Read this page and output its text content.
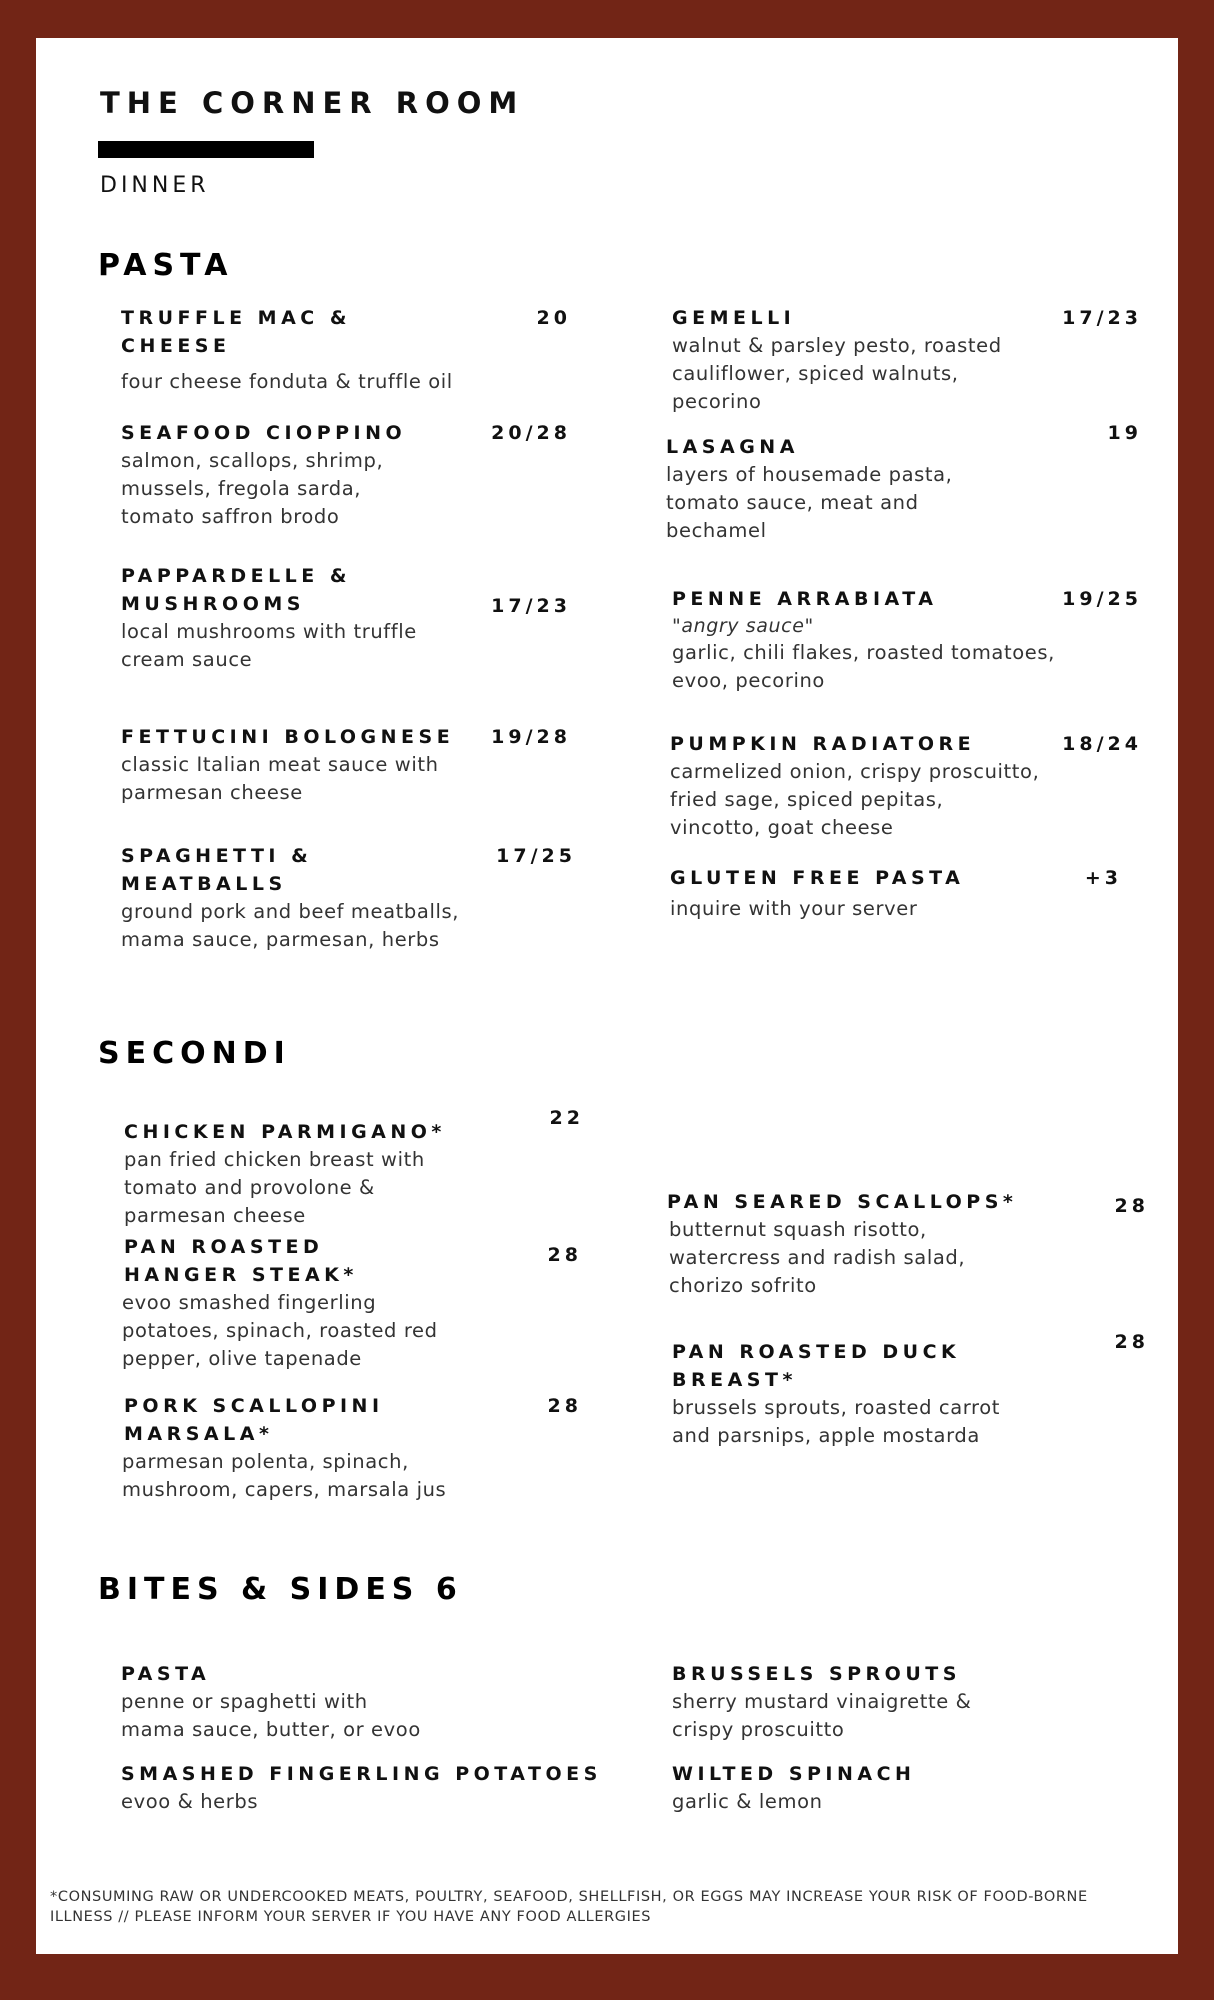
THE CORNER ROOM
DINNER
PASTA
TRUFFLE MAC & CHEESE
20
four cheese fonduta & truffle oil
SEAFOOD CIOPPINO	20/28
salmon, scallops, shrimp, mussels, fregola sarda, tomato saffron brodo
PAPPARDELLE & MUSHROOMS	17/23
local mushrooms with truffle cream sauce
FETTUCINI BOLOGNESE	19/28
classic Italian meat sauce with parmesan cheese
SPAGHETTI & MEATBALLS
17/25
ground pork and beef meatballs, mama sauce, parmesan, herbs
GEMELLI	17/23
walnut & parsley pesto, roasted cauliflower, spiced walnuts, pecorino
LASAGNA
19
layers of housemade pasta, tomato sauce, meat and bechamel
PENNE ARRABIATA	19/25
"angry sauce"
garlic, chili flakes, roasted tomatoes, evoo, pecorino
PUMPKIN RADIATORE	18/24
carmelized onion, crispy proscuitto, fried sage, spiced pepitas, vincotto, goat cheese
GLUTEN FREE PASTA	+3
inquire with your server
SECONDI
CHICKEN PARMIGANO*
22
pan fried chicken breast with tomato and provolone & parmesan cheese
PAN ROASTED HANGER STEAK*
28
evoo smashed fingerling potatoes, spinach, roasted red pepper, olive tapenade
PORK SCALLOPINI MARSALA*
28
parmesan polenta, spinach, mushroom, capers, marsala jus
PAN SEARED SCALLOPS*	28
butternut squash risotto, watercress and radish salad, chorizo sofrito
PAN ROASTED DUCK BREAST*
28
brussels sprouts, roasted carrot and parsnips, apple mostarda
BITES & SIDES 6
PASTA
penne or spaghetti with mama sauce, butter, or evoo
SMASHED FINGERLING POTATOES
evoo & herbs
BRUSSELS SPROUTS
sherry mustard vinaigrette & crispy proscuitto
WILTED SPINACH
garlic & lemon
*CONSUMING RAW OR UNDERCOOKED MEATS, POULTRY, SEAFOOD, SHELLFISH, OR EGGS MAY INCREASE YOUR RISK OF FOOD-BORNE ILLNESS // PLEASE INFORM YOUR SERVER IF YOU HAVE ANY FOOD ALLERGIES
